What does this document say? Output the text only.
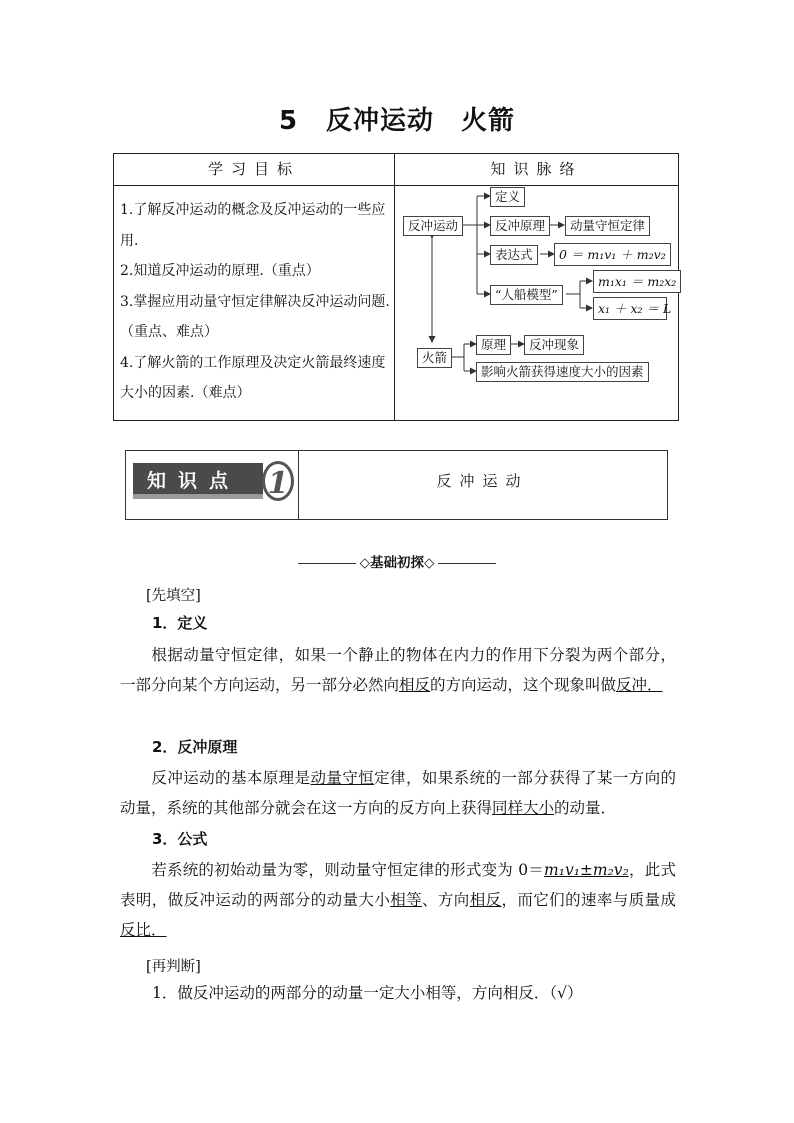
5 反冲运动　火箭
学习目标	知识脉络

1.了解反冲运动的概念及反冲运动的一些应用.

2.知道反冲运动的原理.（重点）

3.掌握应用动量守恒定律解决反冲运动问题.（重点、难点）

4.了解火箭的工作原理及决定火箭最终速度大小的因素.（难点）

反冲运动
定义
反冲原理	动量守恒定律
表达式	0 ＝ m₁v₁ ＋ m₂v₂
“人船模型”
m₁x₁ ＝ m₂x₂
x₁ ＋ x₂ ＝ L
火箭
原理	反冲现象
影响火箭获得速度大小的因素
知识点 1	反冲运动
◇基础初探◇
[先填空]
1．定义
根据动量守恒定律，如果一个静止的物体在内力的作用下分裂为两个部分，一部分向某个方向运动，另一部分必然向相反的方向运动，这个现象叫做反冲．
2．反冲原理
反冲运动的基本原理是动量守恒定律，如果系统的一部分获得了某一方向的动量，系统的其他部分就会在这一方向的反方向上获得同样大小的动量．
3．公式
若系统的初始动量为零，则动量守恒定律的形式变为 0＝m₁v₁±m₂v₂，此式表明，做反冲运动的两部分的动量大小相等、方向相反，而它们的速率与质量成反比．
[再判断]
1．做反冲运动的两部分的动量一定大小相等，方向相反．（√）
